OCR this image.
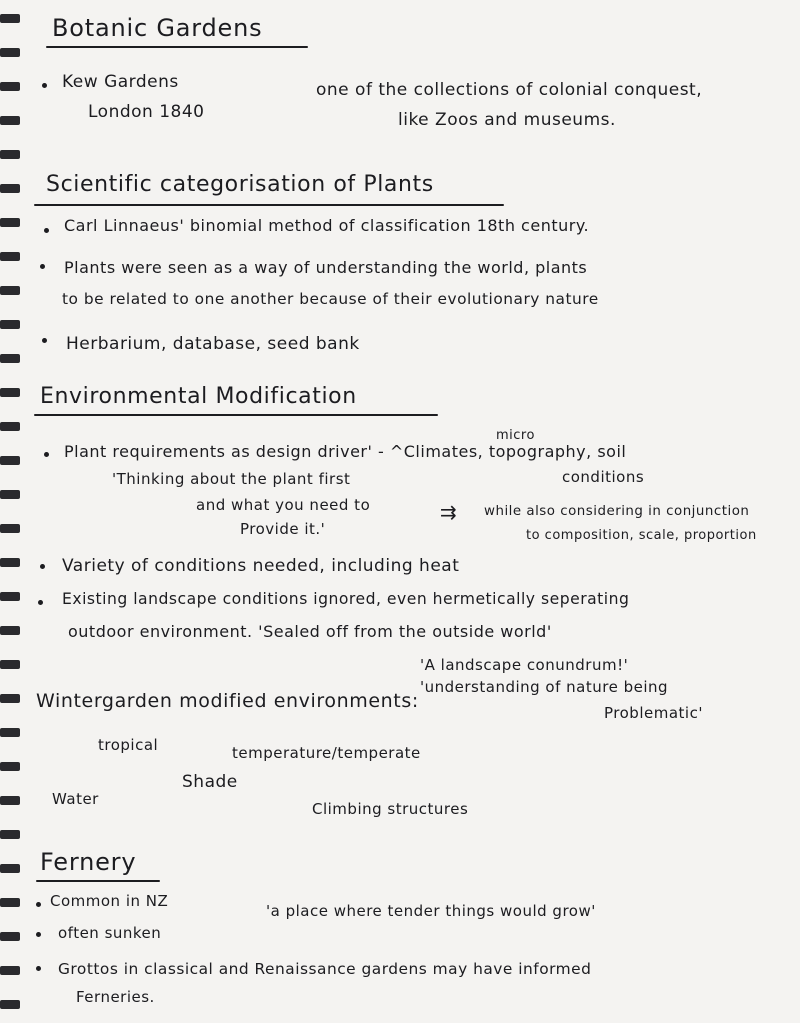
Botanic Gardens
Kew Gardens
London 1840
one of the collections of colonial conquest,
like Zoos and museums.
Scientific categorisation of Plants
Carl Linnaeus' binomial method of classification 18th century.
Plants were seen as a way of understanding the world, plants
to be related to one another because of their evolutionary nature
Herbarium, database, seed bank
Environmental Modification
micro
Plant requirements as design driver' - ^Climates, topography, soil
conditions
'Thinking about the plant first
and what you need to
Provide it.'
⇉ while also considering in conjunction
to composition, scale, proportion
Variety of conditions needed, including heat
Existing landscape conditions ignored, even hermetically seperating
outdoor environment. 'Sealed off from the outside world'
'A landscape conundrum!'
'understanding of nature being
Problematic'
Wintergarden modified environments:
tropical	temperature/temperate
Shade
Water
Climbing structures
Fernery
Common in NZ
'a place where tender things would grow'
often sunken
Grottos in classical and Renaissance gardens may have informed
Ferneries.
